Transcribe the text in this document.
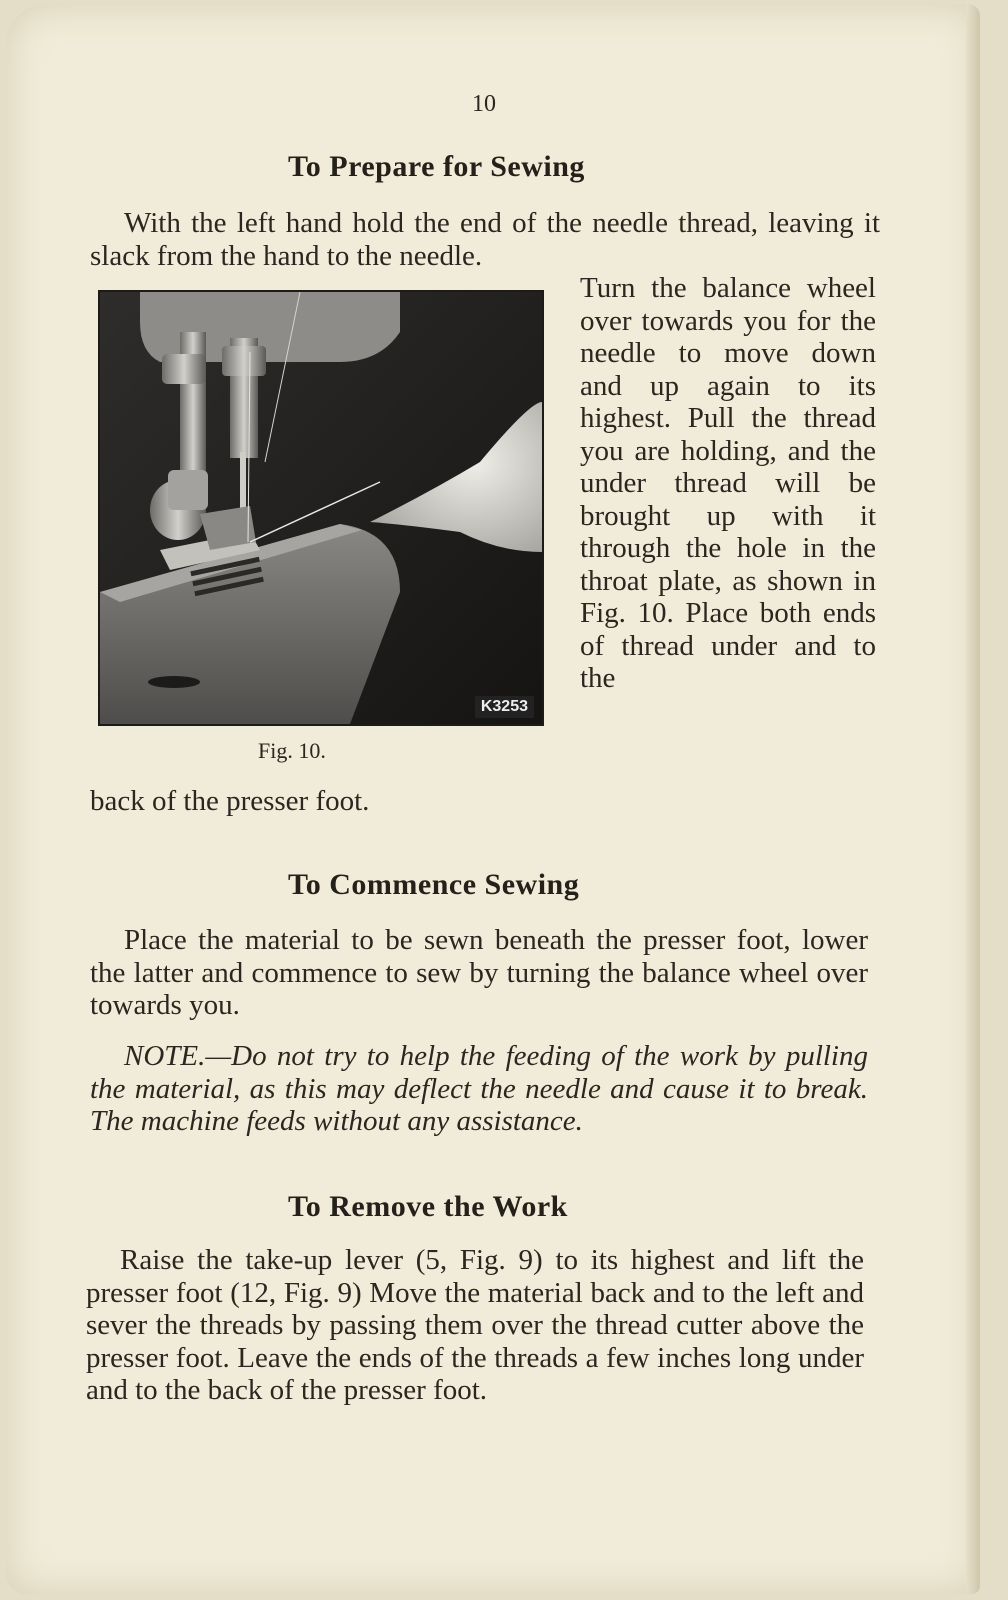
10
To Prepare for Sewing
With the left hand hold the end of the needle thread, leaving it slack from the hand to the needle.
K3253
Fig. 10.
Turn the balance wheel over towards you for the needle to move down and up again to its highest. Pull the thread you are holding, and the under thread will be brought up with it through the hole in the throat plate, as shown in Fig. 10. Place both ends of thread under and to the
back of the presser foot.
To Commence Sewing
Place the material to be sewn beneath the presser foot, lower the latter and commence to sew by turning the balance wheel over towards you.
NOTE.—Do not try to help the feeding of the work by pulling the material, as this may deflect the needle and cause it to break. The machine feeds without any assistance.
To Remove the Work
Raise the take-up lever (5, Fig. 9) to its highest and lift the presser foot (12, Fig. 9) Move the material back and to the left and sever the threads by passing them over the thread cutter above the presser foot. Leave the ends of the threads a few inches long under and to the back of the presser foot.
